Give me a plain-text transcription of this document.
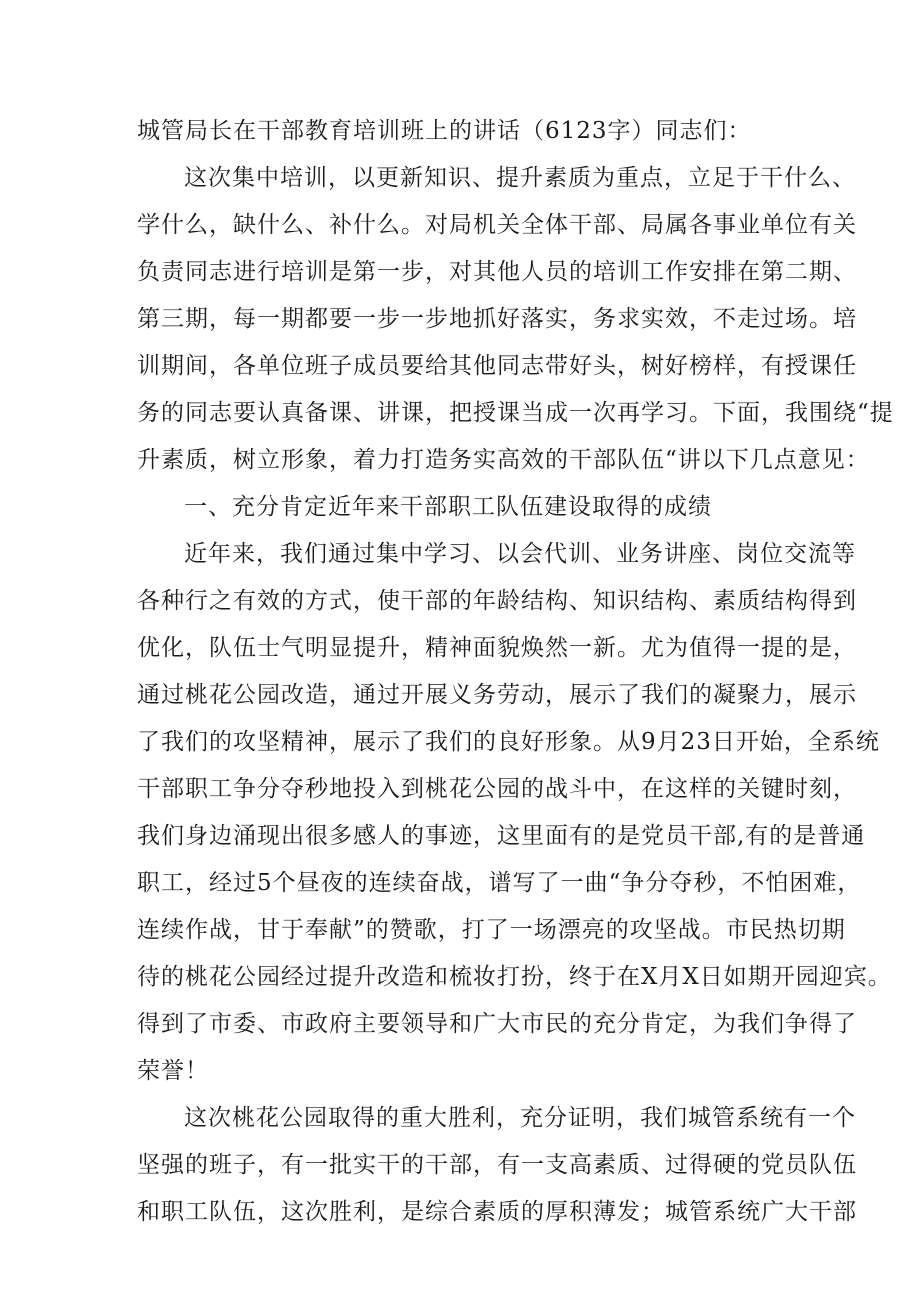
城管局长在干部教育培训班上的讲话（6123字）同志们：
这次集中培训，以更新知识、提升素质为重点，立足于干什么、
学什么，缺什么、补什么。对局机关全体干部、局属各事业单位有关
负责同志进行培训是第一步，对其他人员的培训工作安排在第二期、
第三期，每一期都要一步一步地抓好落实，务求实效，不走过场。培
训期间，各单位班子成员要给其他同志带好头，树好榜样，有授课任
务的同志要认真备课、讲课，把授课当成一次再学习。下面，我围绕“提
升素质，树立形象，着力打造务实高效的干部队伍“讲以下几点意见：
一、充分肯定近年来干部职工队伍建设取得的成绩
近年来，我们通过集中学习、以会代训、业务讲座、岗位交流等
各种行之有效的方式，使干部的年龄结构、知识结构、素质结构得到
优化，队伍士气明显提升，精神面貌焕然一新。尤为值得一提的是，
通过桃花公园改造，通过开展义务劳动，展示了我们的凝聚力，展示
了我们的攻坚精神，展示了我们的良好形象。从9月23日开始，全系统
干部职工争分夺秒地投入到桃花公园的战斗中，在这样的关键时刻，
我们身边涌现出很多感人的事迹，这里面有的是党员干部,有的是普通
职工，经过5个昼夜的连续奋战，谱写了一曲“争分夺秒，不怕困难，
连续作战，甘于奉献”的赞歌，打了一场漂亮的攻坚战。市民热切期
待的桃花公园经过提升改造和梳妆打扮，终于在X月X日如期开园迎宾。
得到了市委、市政府主要领导和广大市民的充分肯定，为我们争得了
荣誉！
这次桃花公园取得的重大胜利，充分证明，我们城管系统有一个
坚强的班子，有一批实干的干部，有一支高素质、过得硬的党员队伍
和职工队伍，这次胜利，是综合素质的厚积薄发；城管系统广大干部
